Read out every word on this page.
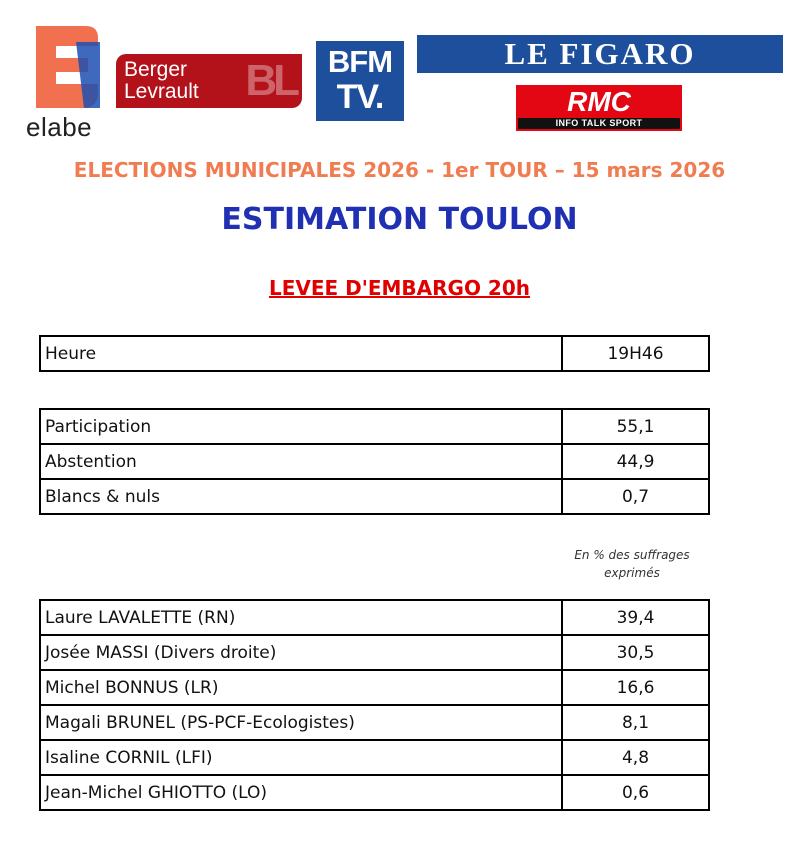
elabe
BL
Berger
Levrault
BFM
TV.
LE FIGARO
RMC
INFO TALK SPORT
ELECTIONS MUNICIPALES 2026 - 1er TOUR – 15 mars 2026
ESTIMATION TOULON
LEVEE D'EMBARGO 20h
Heure	19H46
Participation	55,1
Abstention	44,9
Blancs & nuls	0,7
En % des suffrages
exprimés
Laure LAVALETTE (RN)	39,4
Josée MASSI (Divers droite)	30,5
Michel BONNUS (LR)	16,6
Magali BRUNEL (PS-PCF-Ecologistes)	8,1
Isaline CORNIL (LFI)	4,8
Jean-Michel GHIOTTO (LO)	0,6
